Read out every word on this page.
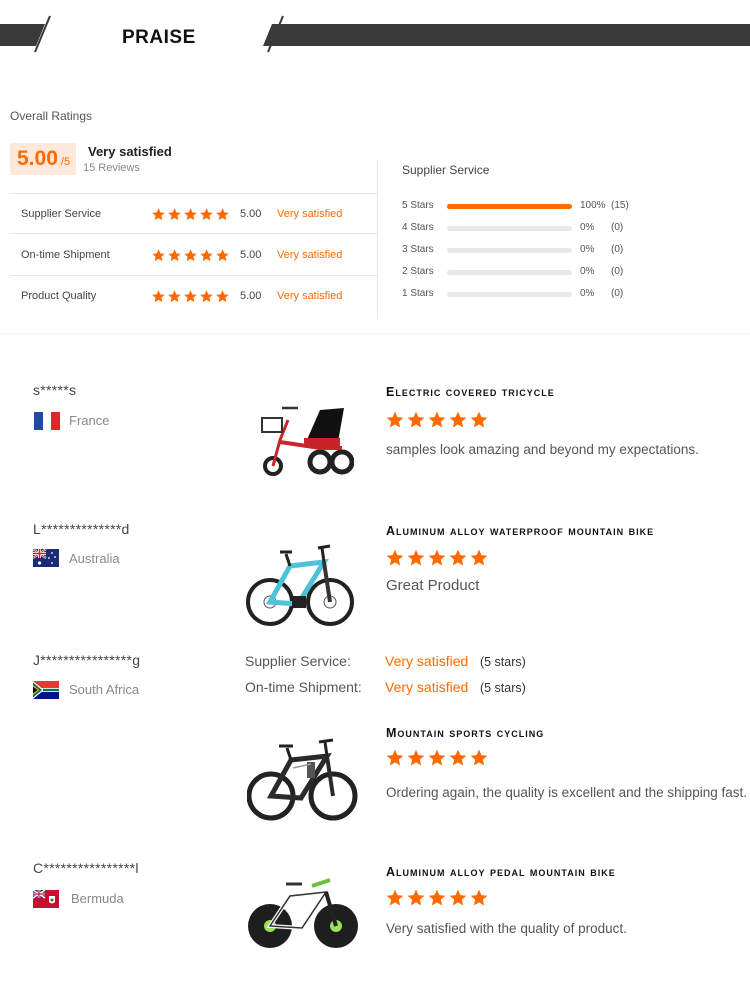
PRAISE
Overall Ratings
5.00 /5
Very satisfied
15 Reviews
Supplier Service	5.00 Very satisfied
On-time Shipment	5.00 Very satisfied
Product Quality	5.00 Very satisfied
Supplier Service
5 Stars	100% (15)
4 Stars	0% (0)
3 Stars	0% (0)
2 Stars	0% (0)
1 Stars	0% (0)
s*****s
France
Electric covered tricycle
samples look amazing and beyond my expectations.
L**************d
Australia
Aluminum alloy waterproof mountain bike
Great Product
J****************g
South Africa
Supplier Service: Very satisfied (5 stars)
On-time Shipment: Very satisfied (5 stars)
Mountain sports cycling
Ordering again, the quality is excellent and the shipping fast.
C****************l
Bermuda
Aluminum alloy pedal mountain bike
Very satisfied with the quality of product.
